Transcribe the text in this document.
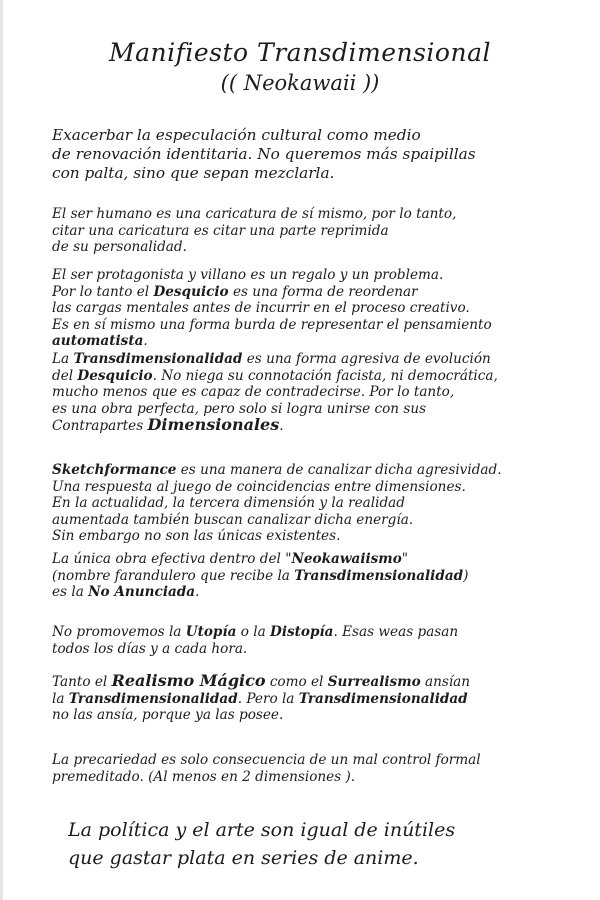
Manifiesto Transdimensional
(( Neokawaii ))

Exacerbar la especulación cultural como medio

de renovación identitaria. No queremos más spaipillas

con palta, sino que sepan mezclarla.

El ser humano es una caricatura de sí mismo, por lo tanto,

citar una caricatura es citar una parte reprimida

de su personalidad.

El ser protagonista y villano es un regalo y un problema.

Por lo tanto el Desquicio es una forma de reordenar

las cargas mentales antes de incurrir en el proceso creativo.

Es en sí mismo una forma burda de representar el pensamiento

automatista.

La Transdimensionalidad es una forma agresiva de evolución

del Desquicio. No niega su connotación facista, ni democrática,

mucho menos que es capaz de contradecirse. Por lo tanto,

es una obra perfecta, pero solo si logra unirse con sus

Contrapartes Dimensionales.

Sketchformance es una manera de canalizar dicha agresividad.

Una respuesta al juego de coincidencias entre dimensiones.

En la actualidad, la tercera dimensión y la realidad

aumentada también buscan canalizar dicha energía.

Sin embargo no son las únicas existentes.

La única obra efectiva dentro del "Neokawaiismo"

(nombre farandulero que recibe la Transdimensionalidad)

es la No Anunciada.

No promovemos la Utopía o la Distopía. Esas weas pasan

todos los días y a cada hora.

Tanto el Realismo Mágico como el Surrealismo ansían

la Transdimensionalidad. Pero la Transdimensionalidad

no las ansía, porque ya las posee.

La precariedad es solo consecuencia de un mal control formal

premeditado. (Al menos en 2 dimensiones ).

La política y el arte son igual de inútiles

que gastar plata en series de anime.
